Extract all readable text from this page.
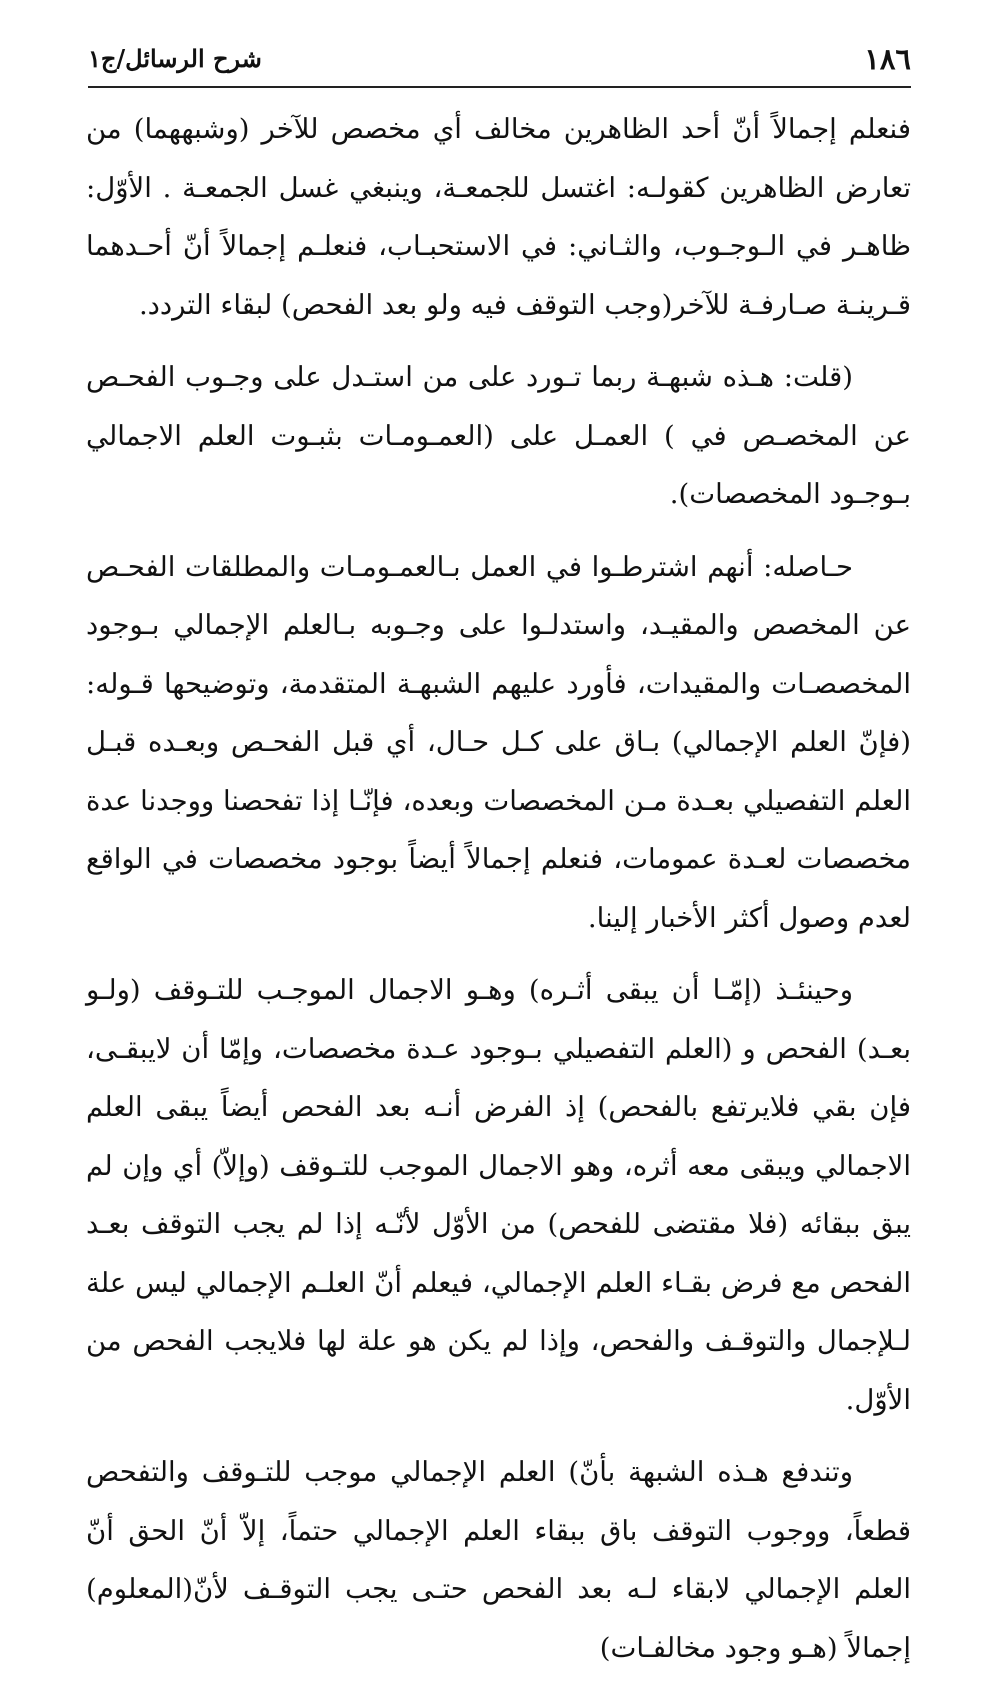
١٨٦
شرح الرسائل/ج١

فنعلم إجمالاً أنّ أحد الظاهرين مخالف أي مخصص للآخر (وشبههما) من تعارض الظاهرين كقولـه: اغتسل للجمعـة، وينبغي غسل الجمعـة . الأوّل: ظاهـر في الـوجـوب، والثـاني: في الاستحبـاب، فنعلـم إجمالاً أنّ أحـدهما قـرينـة صـارفـة للآخر(وجب التوقف فيه ولو بعد الفحص) لبقاء التردد.

(قلت: هـذه شبهـة ربما تـورد على من استـدل على وجـوب الفحـص عن المخصـص في ) العمـل على (العمـومـات بثبـوت العلم الاجمالي بـوجـود المخصصات).

حـاصله: أنهم اشترطـوا في العمل بـالعمـومـات والمطلقات الفحـص عن المخصص والمقيـد، واستدلـوا على وجـوبه بـالعلم الإجمالي بـوجود المخصصـات والمقيدات، فأورد عليهم الشبهـة المتقدمة، وتوضيحها قـوله: (فإنّ العلم الإجمالي) بـاق على كـل حـال، أي قبل الفحـص وبعـده قبـل العلم التفصيلي بعـدة مـن المخصصات وبعده، فإنّـا إذا تفحصنا ووجدنا عدة مخصصات لعـدة عمومات، فنعلم إجمالاً أيضاً بوجود مخصصات في الواقع لعدم وصول أكثر الأخبار إلينا.

وحينئـذ (إمّـا أن يبقى أثـره) وهـو الاجمال الموجـب للتـوقف (ولـو بعـد) الفحص و (العلم التفصيلي بـوجود عـدة مخصصات، وإمّا أن لايبقـى، فإن بقي فلايرتفع بالفحص) إذ الفرض أنـه بعد الفحص أيضاً يبقى العلم الاجمالي ويبقى معه أثره، وهو الاجمال الموجب للتـوقف (وإلاّ) أي وإن لم يبق ببقائه (فلا مقتضى للفحص) من الأوّل لأنّـه إذا لم يجب التوقف بعـد الفحص مع فرض بقـاء العلم الإجمالي، فيعلم أنّ العلـم الإجمالي ليس علة لـلإجمال والتوقـف والفحص، وإذا لم يكن هو علة لها فلايجب الفحص من الأوّل.

وتندفع هـذه الشبهة بأنّ) العلم الإجمالي موجب للتـوقف والتفحص قطعاً، ووجوب التوقف باق ببقاء العلم الإجمالي حتماً، إلاّ أنّ الحق أنّ العلم الإجمالي لابقاء لـه بعد الفحص حتـى يجب التوقـف لأنّ(المعلوم) إجمالاً (هـو وجود مخالفـات)
